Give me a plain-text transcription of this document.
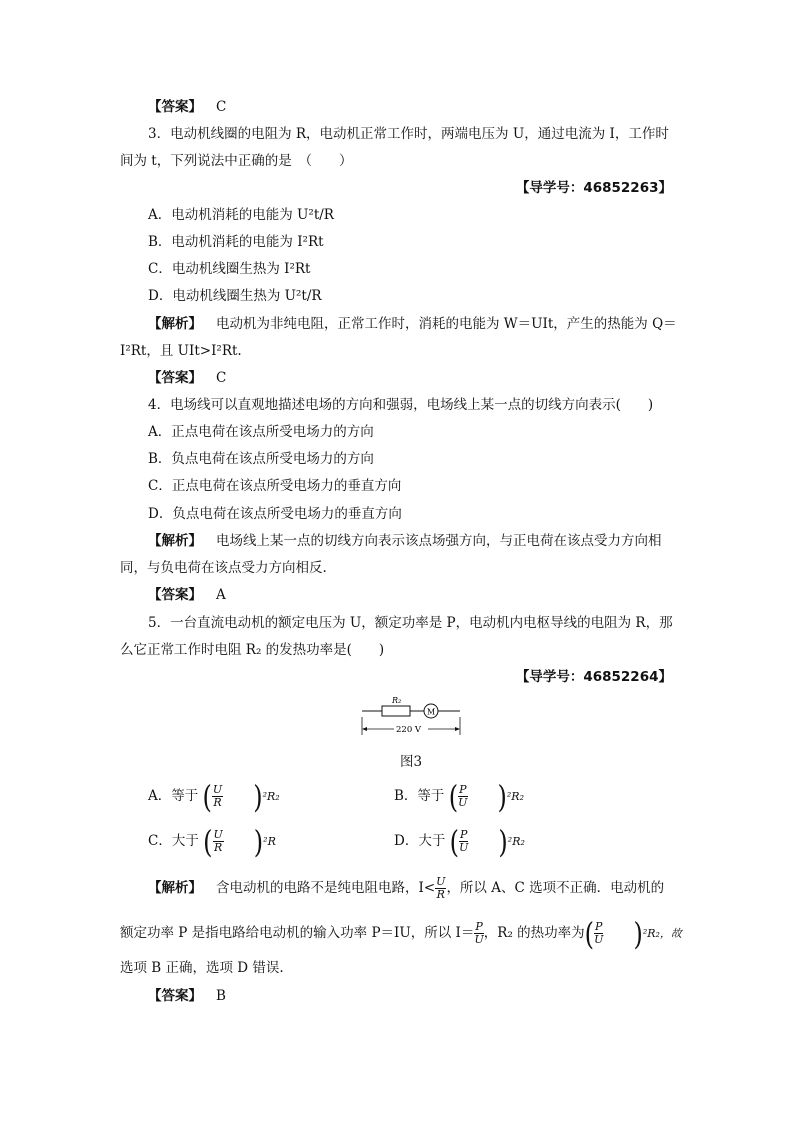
【答案】 C
3．电动机线圈的电阻为 R，电动机正常工作时，两端电压为 U，通过电流为 I，工作时
间为 t，下列说法中正确的是　（　　）
【导学号：46852263】
A．电动机消耗的电能为 U²t/R
B．电动机消耗的电能为 I²Rt
C．电动机线圈生热为 I²Rt
D．电动机线圈生热为 U²t/R
【解析】 电动机为非纯电阻，正常工作时，消耗的电能为 W＝UIt，产生的热能为 Q＝
I²Rt，且 UIt>I²Rt.
【答案】 C
4．电场线可以直观地描述电场的方向和强弱，电场线上某一点的切线方向表示(　　)
A．正点电荷在该点所受电场力的方向
B．负点电荷在该点所受电场力的方向
C．正点电荷在该点所受电场力的垂直方向
D．负点电荷在该点所受电场力的垂直方向
【解析】 电场线上某一点的切线方向表示该点场强方向，与正电荷在该点受力方向相
同，与负电荷在该点受力方向相反.
【答案】 A
5．一台直流电动机的额定电压为 U，额定功率是 P，电动机内电枢导线的电阻为 R，那
么它正常工作时电阻 R₂ 的发热功率是(　　)
【导学号：46852264】
R₂
M
220 V
图3
A．等于 ( $\frac{U}{R} )^2R_2$	B．等于 ( $\frac{P}{U} )^2R_2$
C．大于 ( $\frac{U}{R} )^2R$	D．大于 ( $\frac{P}{U} )^2R_2$
【解析】 含电动机的电路不是纯电阻电路，$I< \frac{U}{R}$ ，所以 A、C 选项不正确．电动机的
额定功率 P 是指电路给电动机的输入功率 P＝IU，所以 $I= \frac{P}{U}$ ，R₂ 的热功率为( $\frac{P}{U} )^2R_2$，故
选项 B 正确，选项 D 错误.
【答案】 B
